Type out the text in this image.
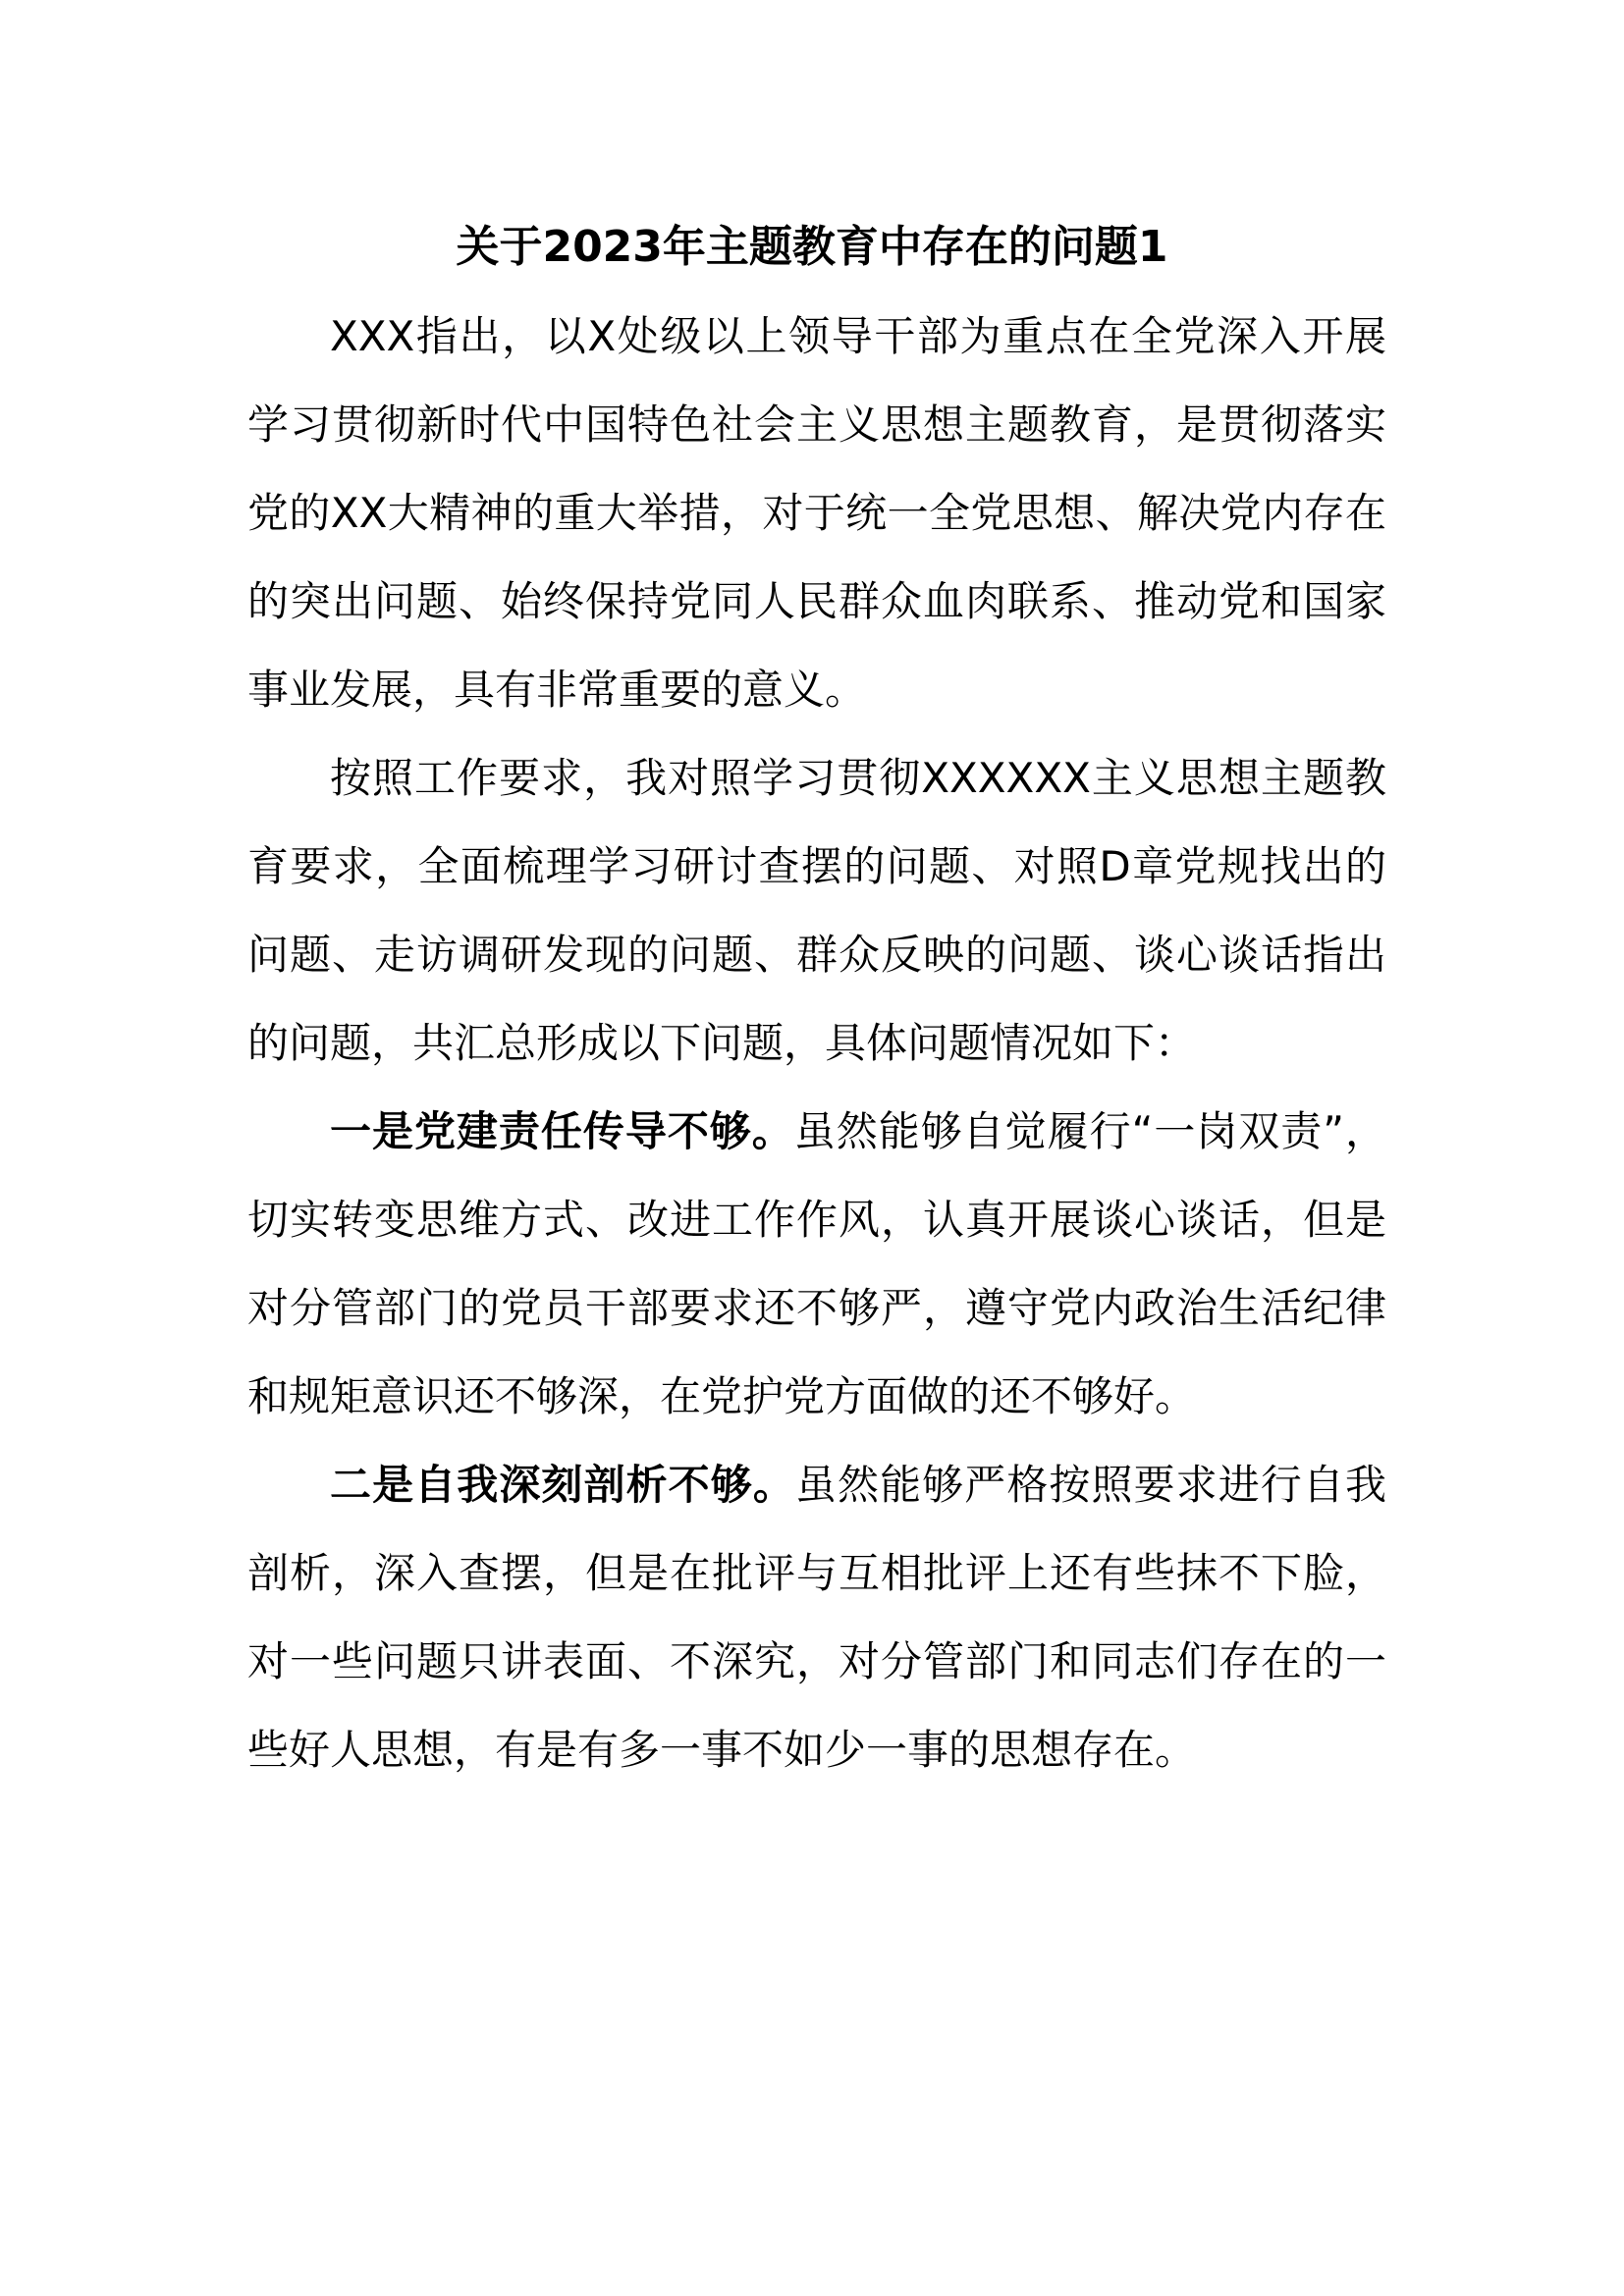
关于2023年主题教育中存在的问题1

XXX指出，以X处级以上领导干部为重点在全党深入开展学习贯彻新时代中国特色社会主义思想主题教育，是贯彻落实党的XX大精神的重大举措，对于统一全党思想、解决党内存在的突出问题、始终保持党同人民群众血肉联系、推动党和国家事业发展，具有非常重要的意义。

按照工作要求，我对照学习贯彻XXXXXX主义思想主题教育要求，全面梳理学习研讨查摆的问题、对照D章党规找出的问题、走访调研发现的问题、群众反映的问题、谈心谈话指出的问题，共汇总形成以下问题，具体问题情况如下：

一是党建责任传导不够。虽然能够自觉履行“一岗双责”，切实转变思维方式、改进工作作风，认真开展谈心谈话，但是对分管部门的党员干部要求还不够严，遵守党内政治生活纪律和规矩意识还不够深，在党护党方面做的还不够好。

二是自我深刻剖析不够。虽然能够严格按照要求进行自我剖析，深入查摆，但是在批评与互相批评上还有些抹不下脸，对一些问题只讲表面、不深究，对分管部门和同志们存在的一些好人思想，有是有多一事不如少一事的思想存在。
